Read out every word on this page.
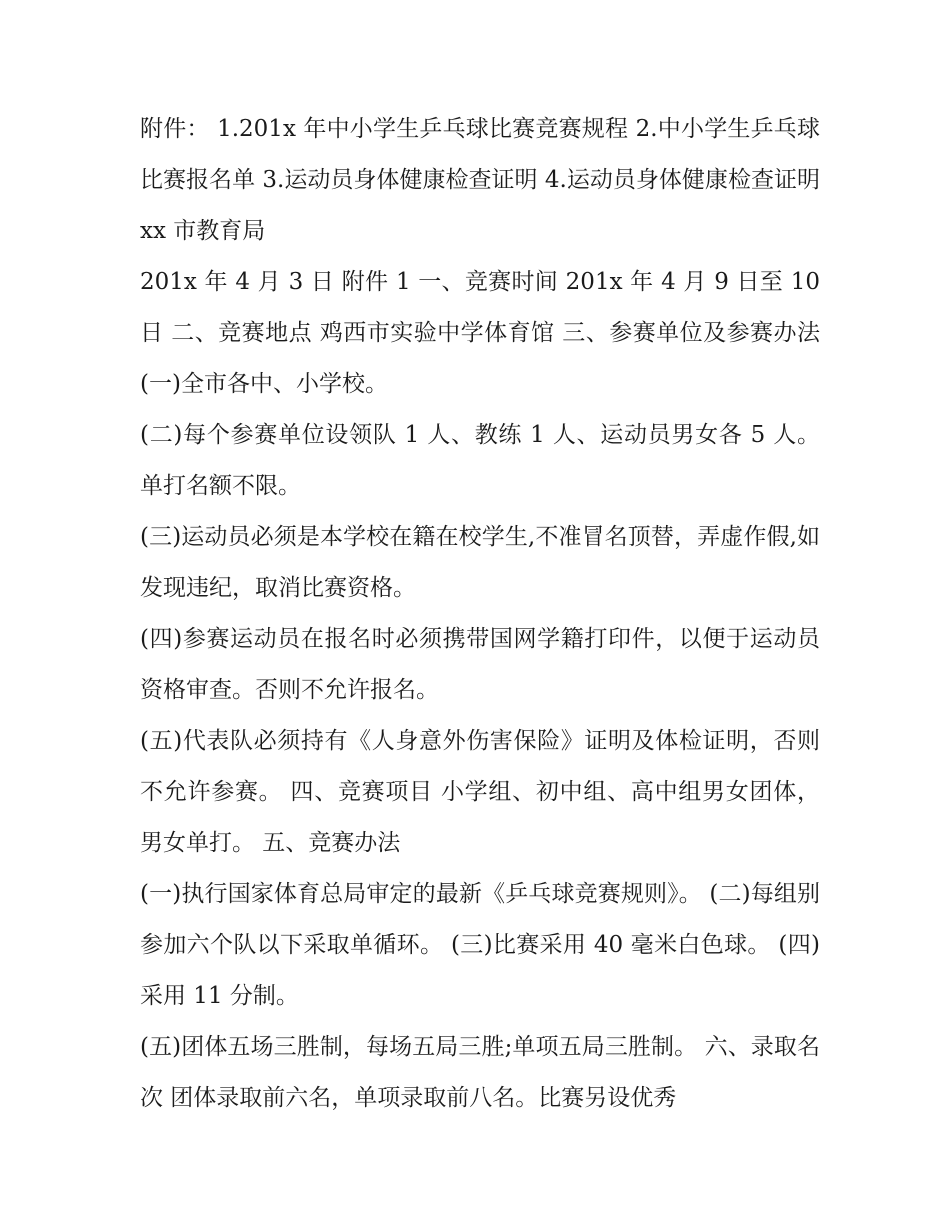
附件： 1.201x 年中小学生乒乓球比赛竞赛规程 2.中小学生乒乓球比赛报名单 3.运动员身体健康检查证明 4.运动员身体健康检查证明 xx 市教育局

201x 年 4 月 3 日 附件 1 一、竞赛时间 201x 年 4 月 9 日至 10 日 二、竞赛地点 鸡西市实验中学体育馆 三、参赛单位及参赛办法 (一)全市各中、小学校。

(二)每个参赛单位设领队 1 人、教练 1 人、运动员男女各 5 人。单打名额不限。

(三)运动员必须是本学校在籍在校学生,不准冒名顶替，弄虚作假,如发现违纪，取消比赛资格。

(四)参赛运动员在报名时必须携带国网学籍打印件，以便于运动员资格审查。否则不允许报名。

(五)代表队必须持有《人身意外伤害保险》证明及体检证明，否则不允许参赛。 四、竞赛项目 小学组、初中组、高中组男女团体，男女单打。 五、竞赛办法

(一)执行国家体育总局审定的最新《乒乓球竞赛规则》。 (二)每组别参加六个队以下采取单循环。 (三)比赛采用 40 毫米白色球。 (四)采用 11 分制。

(五)团体五场三胜制，每场五局三胜;单项五局三胜制。 六、录取名次 团体录取前六名，单项录取前八名。比赛另设优秀
